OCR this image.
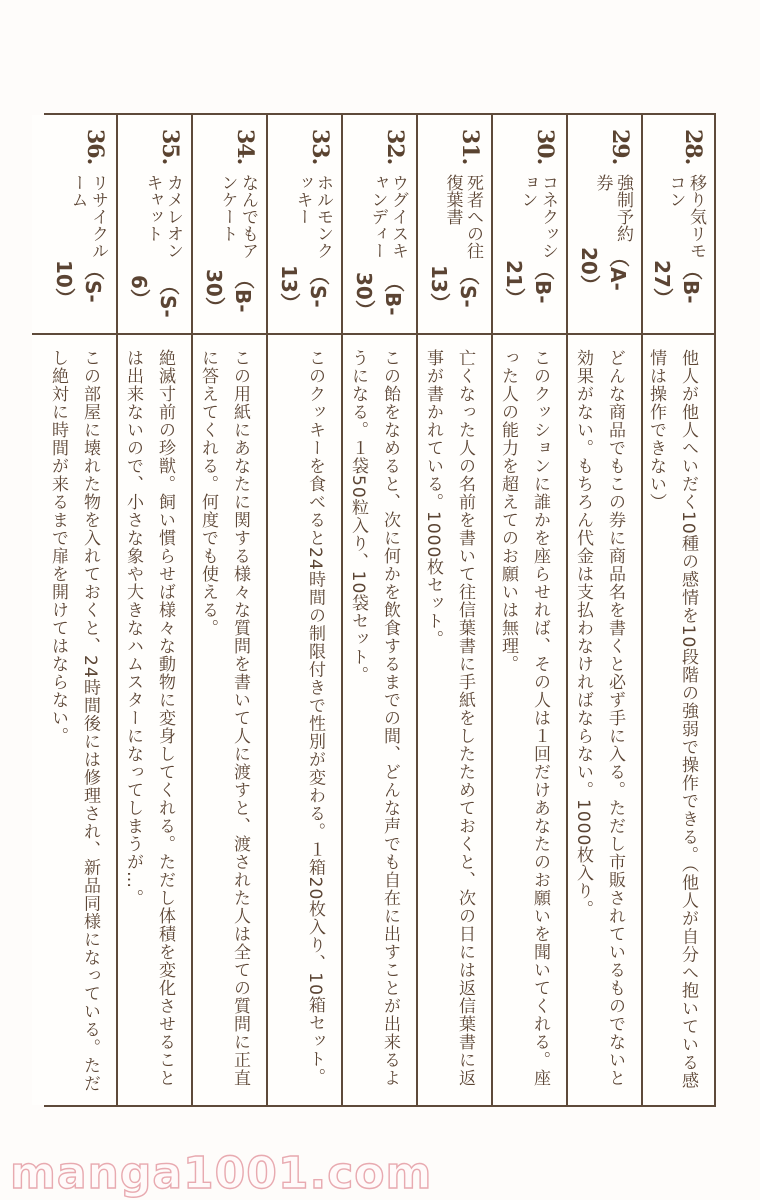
28.
移り気リモコン
（B-27）
他人が他人へいだく10種の感情を10段階の強弱で操作できる。（他人が自分へ抱いている感情は操作できない）
29.
強制予約券
（A-20）
どんな商品でもこの券に商品名を書くと必ず手に入る。ただし市販されているものでないと効果がない。もちろん代金は支払わなければならない。1000枚入り。
30.
コネクッション
（B-21）
このクッションに誰かを座らせれば、その人は１回だけあなたのお願いを聞いてくれる。座った人の能力を超えてのお願いは無理。
31.
死者への往復葉書
（S-13）
亡くなった人の名前を書いて往信葉書に手紙をしたためておくと、次の日には返信葉書に返事が書かれている。1000枚セット。
32.
ウグイスキャンディー
（B-30）
この飴をなめると、次に何かを飲食するまでの間、どんな声でも自在に出すことが出来るようになる。１袋50粒入り、10袋セット。
33.
ホルモンクッキー
（S-13）
このクッキーを食べると24時間の制限付きで性別が変わる。１箱20枚入り、10箱セット。
34.
なんでもアンケート
（B-30）
この用紙にあなたに関する様々な質問を書いて人に渡すと、渡された人は全ての質問に正直に答えてくれる。何度でも使える。
35.
カメレオンキャット
（S-6）
絶滅寸前の珍獣。飼い慣らせば様々な動物に変身してくれる。ただし体積を変化させることは出来ないので、小さな象や大きなハムスターになってしまうが…。
36.
リサイクルーム
（S-10）
この部屋に壊れた物を入れておくと、24時間後には修理され、新品同様になっている。ただし絶対に時間が来るまで扉を開けてはならない。
manga1001.com
